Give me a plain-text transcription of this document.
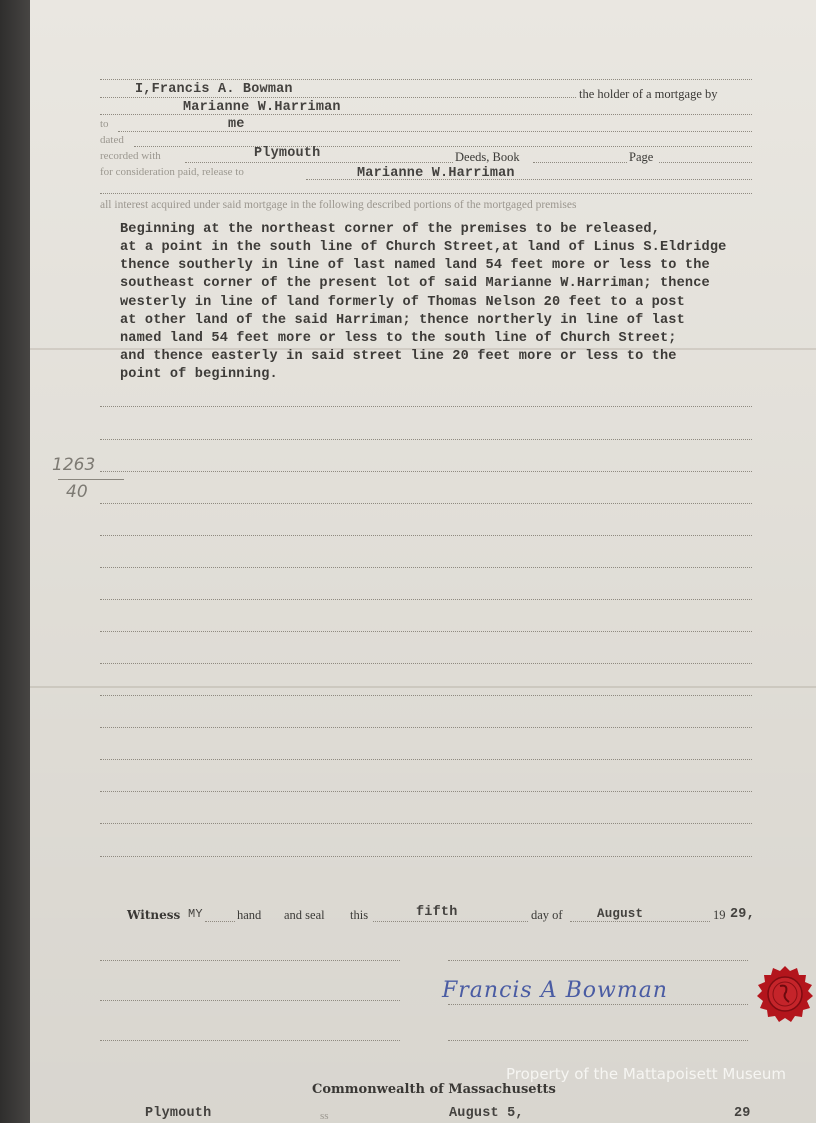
I,Francis A. Bowman	the holder of a mortgage by
Marianne W.Harriman
to	me
dated
recorded with	Plymouth	Deeds, Book	Page
for consideration paid, release to	Marianne W.Harriman
all interest acquired under said mortgage in the following described portions of the mortgaged premises
Beginning at the northeast corner of the premises to be released,
at a point in the south line of Church Street,at land of Linus S.Eldridge
thence southerly in line of last named land 54 feet more or less to the
southeast corner of the present lot of said Marianne W.Harriman; thence
westerly in line of land formerly of Thomas Nelson 20 feet to a post
at other land of the said Harriman; thence northerly in line of last
named land 54 feet more or less to the south line of Church Street;
and thence easterly in said street line 20 feet more or less to the
point of beginning.
1263
40
Witness MY	hand and seal this	fifth	day of	August	19 29,
Francis A Bowman
Commonwealth of Massachusetts
Plymouth	ss	August 5,	29
Property of the Mattapoisett Museum
